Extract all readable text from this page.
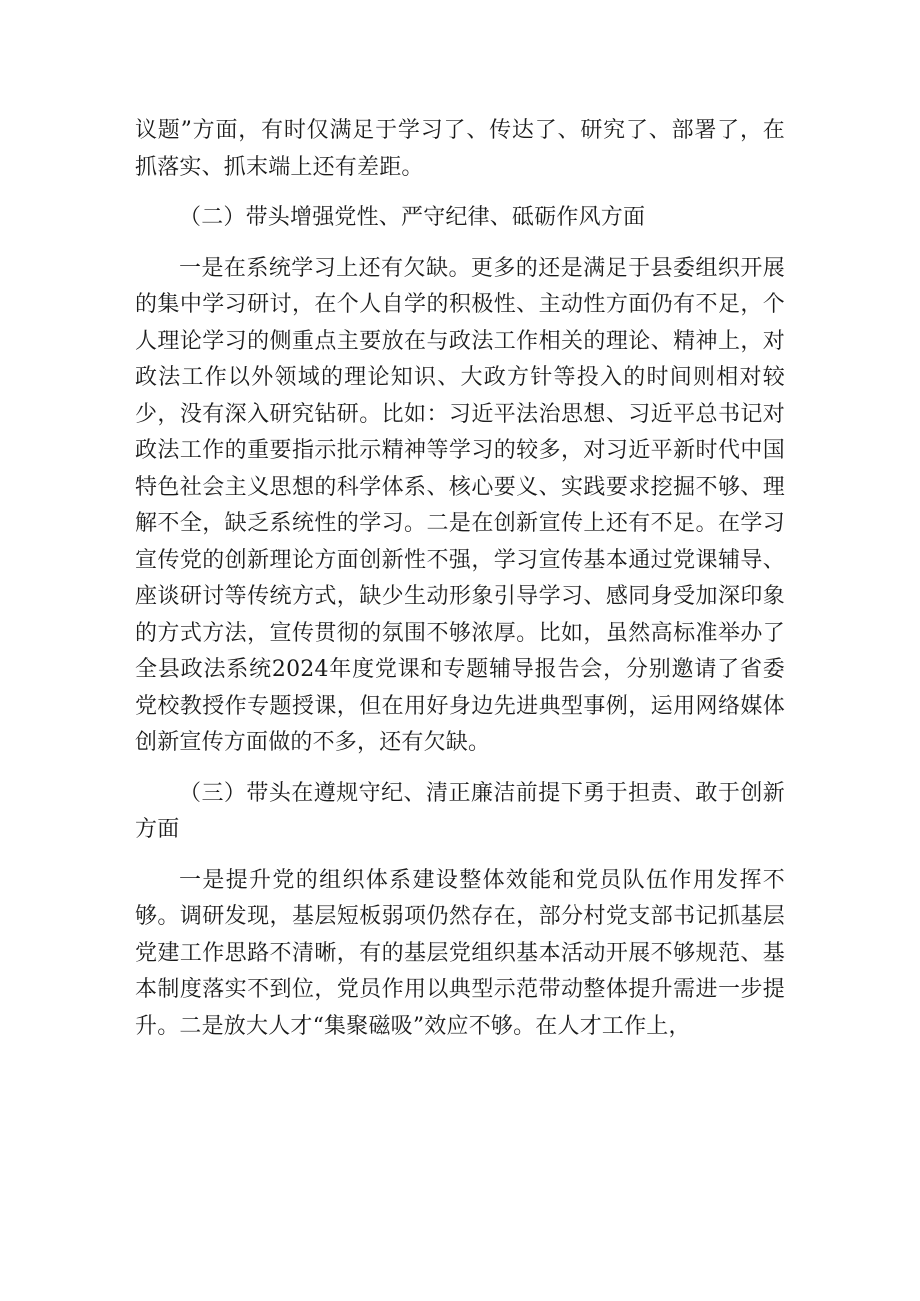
议题”方面，有时仅满足于学习了、传达了、研究了、部署了，在抓落实、抓末端上还有差距。

（二）带头增强党性、严守纪律、砥砺作风方面

一是在系统学习上还有欠缺。更多的还是满足于县委组织开展的集中学习研讨，在个人自学的积极性、主动性方面仍有不足，个人理论学习的侧重点主要放在与政法工作相关的理论、精神上，对政法工作以外领域的理论知识、大政方针等投入的时间则相对较少，没有深入研究钻研。比如：习近平法治思想、习近平总书记对政法工作的重要指示批示精神等学习的较多，对习近平新时代中国特色社会主义思想的科学体系、核心要义、实践要求挖掘不够、理解不全，缺乏系统性的学习。二是在创新宣传上还有不足。在学习宣传党的创新理论方面创新性不强，学习宣传基本通过党课辅导、座谈研讨等传统方式，缺少生动形象引导学习、感同身受加深印象的方式方法，宣传贯彻的氛围不够浓厚。比如，虽然高标准举办了全县政法系统2024年度党课和专题辅导报告会，分别邀请了省委党校教授作专题授课，但在用好身边先进典型事例，运用网络媒体创新宣传方面做的不多，还有欠缺。

（三）带头在遵规守纪、清正廉洁前提下勇于担责、敢于创新方面

一是提升党的组织体系建设整体效能和党员队伍作用发挥不够。调研发现，基层短板弱项仍然存在，部分村党支部书记抓基层党建工作思路不清晰，有的基层党组织基本活动开展不够规范、基本制度落实不到位，党员作用以典型示范带动整体提升需进一步提升。二是放大人才“集聚磁吸”效应不够。在人才工作上，
